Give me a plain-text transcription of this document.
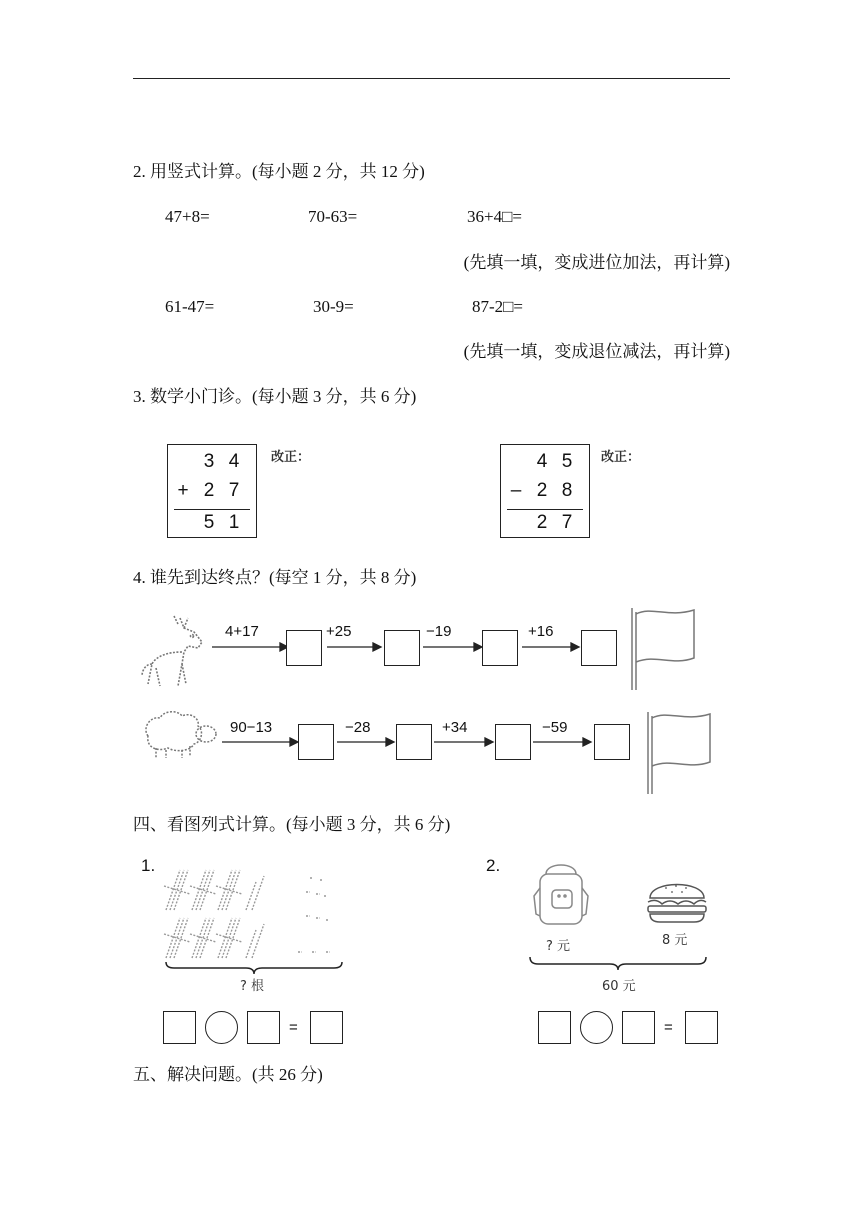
2. 用竖式计算。(每小题 2 分，共 12 分)
47+8=	70-63=	36+4□=
(先填一填，变成进位加法，再计算)
61-47=	30-9=	87-2□=
(先填一填，变成退位减法，再计算)
3. 数学小门诊。(每小题 3 分，共 6 分)
3 4
+ 2 7
5 1
改正：	4 5
– 2 8
2 7
改正：
4. 谁先到达终点？(每空 1 分，共 8 分)
4+17	+25	−19	+16
90−13	−28	+34	−59
四、看图列式计算。(每小题 3 分，共 6 分)
1.
? 根
=
2.
? 元	8 元
60 元
=
五、解决问题。(共 26 分)
